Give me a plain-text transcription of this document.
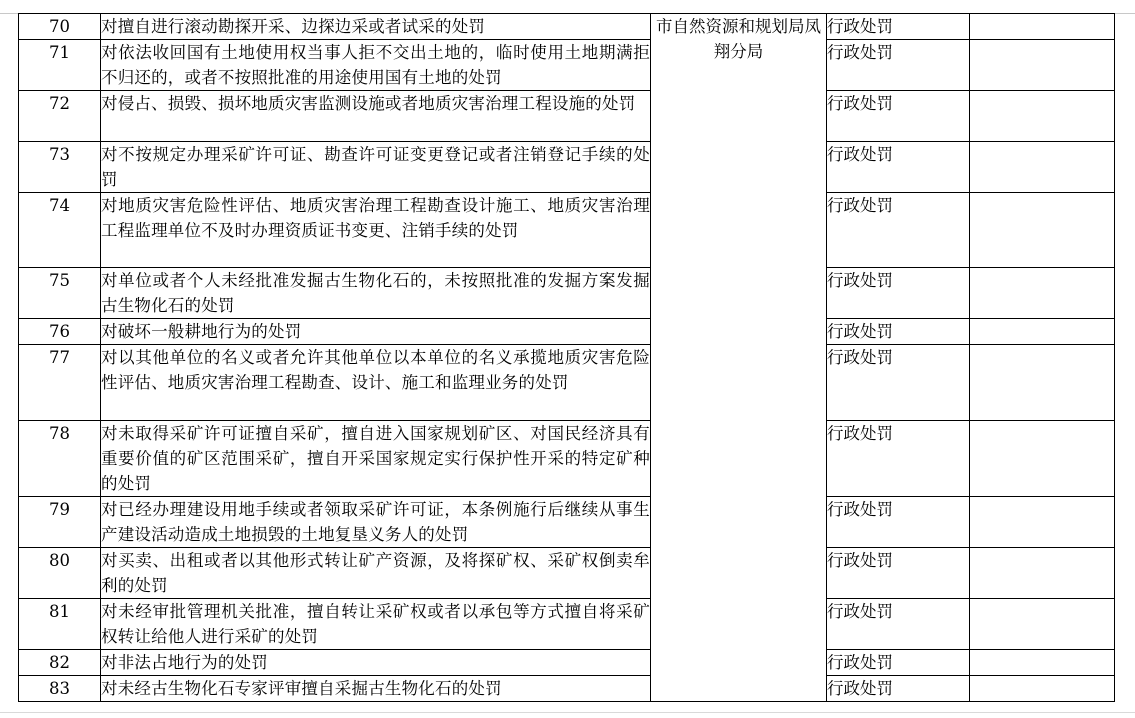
70	对擅自进行滚动勘探开采、边探边采或者试采的处罚	市自然资源和规划局凤翔分局	行政处罚	
71	对依法收回国有土地使用权当事人拒不交出土地的，临时使用土地期满拒不归还的，或者不按照批准的用途使用国有土地的处罚		行政处罚	
72	对侵占、损毁、损坏地质灾害监测设施或者地质灾害治理工程设施的处罚		行政处罚	
73	对不按规定办理采矿许可证、勘查许可证变更登记或者注销登记手续的处罚		行政处罚	
74	对地质灾害危险性评估、地质灾害治理工程勘查设计施工、地质灾害治理工程监理单位不及时办理资质证书变更、注销手续的处罚		行政处罚	
75	对单位或者个人未经批准发掘古生物化石的，未按照批准的发掘方案发掘古生物化石的处罚		行政处罚	
76	对破坏一般耕地行为的处罚		行政处罚	
77	对以其他单位的名义或者允许其他单位以本单位的名义承揽地质灾害危险性评估、地质灾害治理工程勘查、设计、施工和监理业务的处罚		行政处罚	
78	对未取得采矿许可证擅自采矿，擅自进入国家规划矿区、对国民经济具有重要价值的矿区范围采矿，擅自开采国家规定实行保护性开采的特定矿种的处罚		行政处罚	
79	对已经办理建设用地手续或者领取采矿许可证，本条例施行后继续从事生产建设活动造成土地损毁的土地复垦义务人的处罚		行政处罚	
80	对买卖、出租或者以其他形式转让矿产资源，及将探矿权、采矿权倒卖牟利的处罚		行政处罚	
81	对未经审批管理机关批准，擅自转让采矿权或者以承包等方式擅自将采矿权转让给他人进行采矿的处罚		行政处罚	
82	对非法占地行为的处罚		行政处罚	
83	对未经古生物化石专家评审擅自采掘古生物化石的处罚		行政处罚	
